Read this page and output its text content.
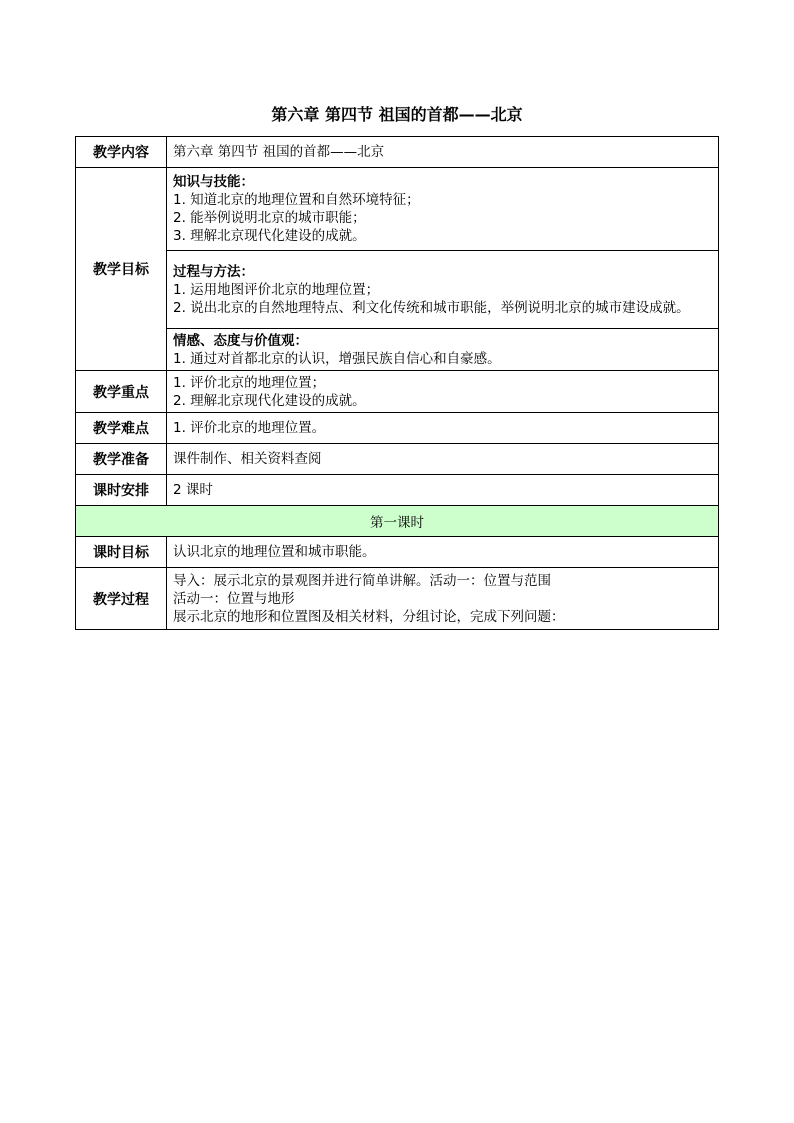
第六章 第四节 祖国的首都——北京
教学内容	第六章 第四节 祖国的首都——北京

教学目标	知识与技能：
1. 知道北京的地理位置和自然环境特征；
2. 能举例说明北京的城市职能；
3. 理解北京现代化建设的成就。

	过程与方法：
1. 运用地图评价北京的地理位置；
2. 说出北京的自然地理特点、利文化传统和城市职能，举例说明北京的城市建设成就。

	情感、态度与价值观：
1. 通过对首都北京的认识，增强民族自信心和自豪感。

教学重点	1. 评价北京的地理位置；
2. 理解北京现代化建设的成就。

教学难点	1. 评价北京的地理位置。

教学准备	课件制作、相关资料查阅

课时安排	2 课时

第一课时	
课时目标	认识北京的地理位置和城市职能。

教学过程	导入：展示北京的景观图并进行简单讲解。活动一：位置与范围
活动一：位置与地形
展示北京的地形和位置图及相关材料，分组讨论，完成下列问题：
